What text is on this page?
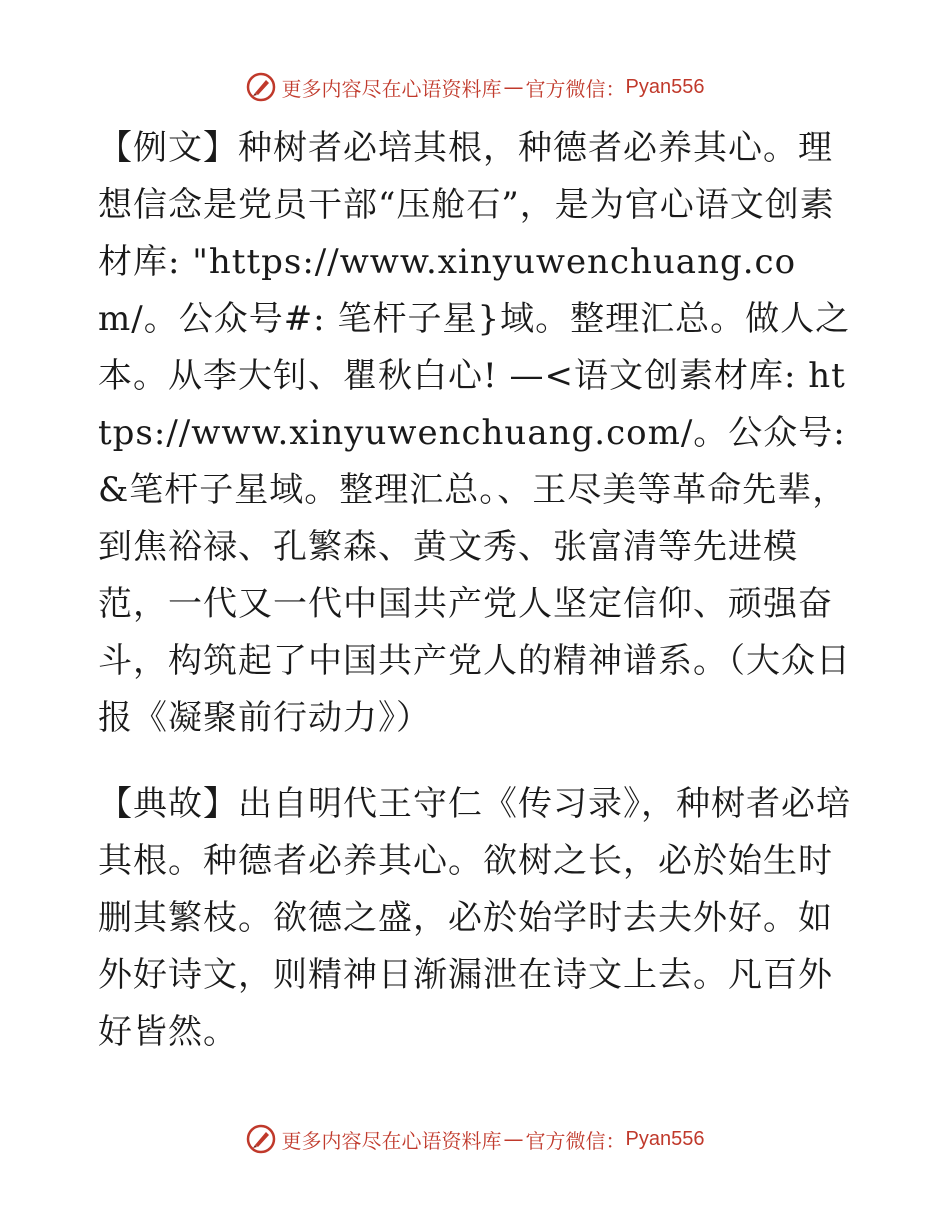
更多内容尽在心语资料库 — 官方微信： Pyan556

【例文】种树者必培其根，种德者必养其心。理想信念是党员干部“压舱石”，是为官心语文创素材库: "https://www.xinyuwenchuang.com/。公众号#: 笔杆子星}域。整理汇总。做人之本。从李大钊、瞿秋白心! —<语文创素材库: https://www.xinyuwenchuang.com/。公众号: &笔杆子星域。整理汇总。、王尽美等革命先辈，到焦裕禄、孔繁森、黄文秀、张富清等先进模范，一代又一代中国共产党人坚定信仰、顽强奋斗，构筑起了中国共产党人的精神谱系。（大众日报《凝聚前行动力》）

【典故】出自明代王守仁《传习录》，种树者必培其根。种德者必养其心。欲树之长，必於始生时删其繁枝。欲德之盛，必於始学时去夫外好。如外好诗文，则精神日渐漏泄在诗文上去。凡百外好皆然。

更多内容尽在心语资料库 — 官方微信： Pyan556
